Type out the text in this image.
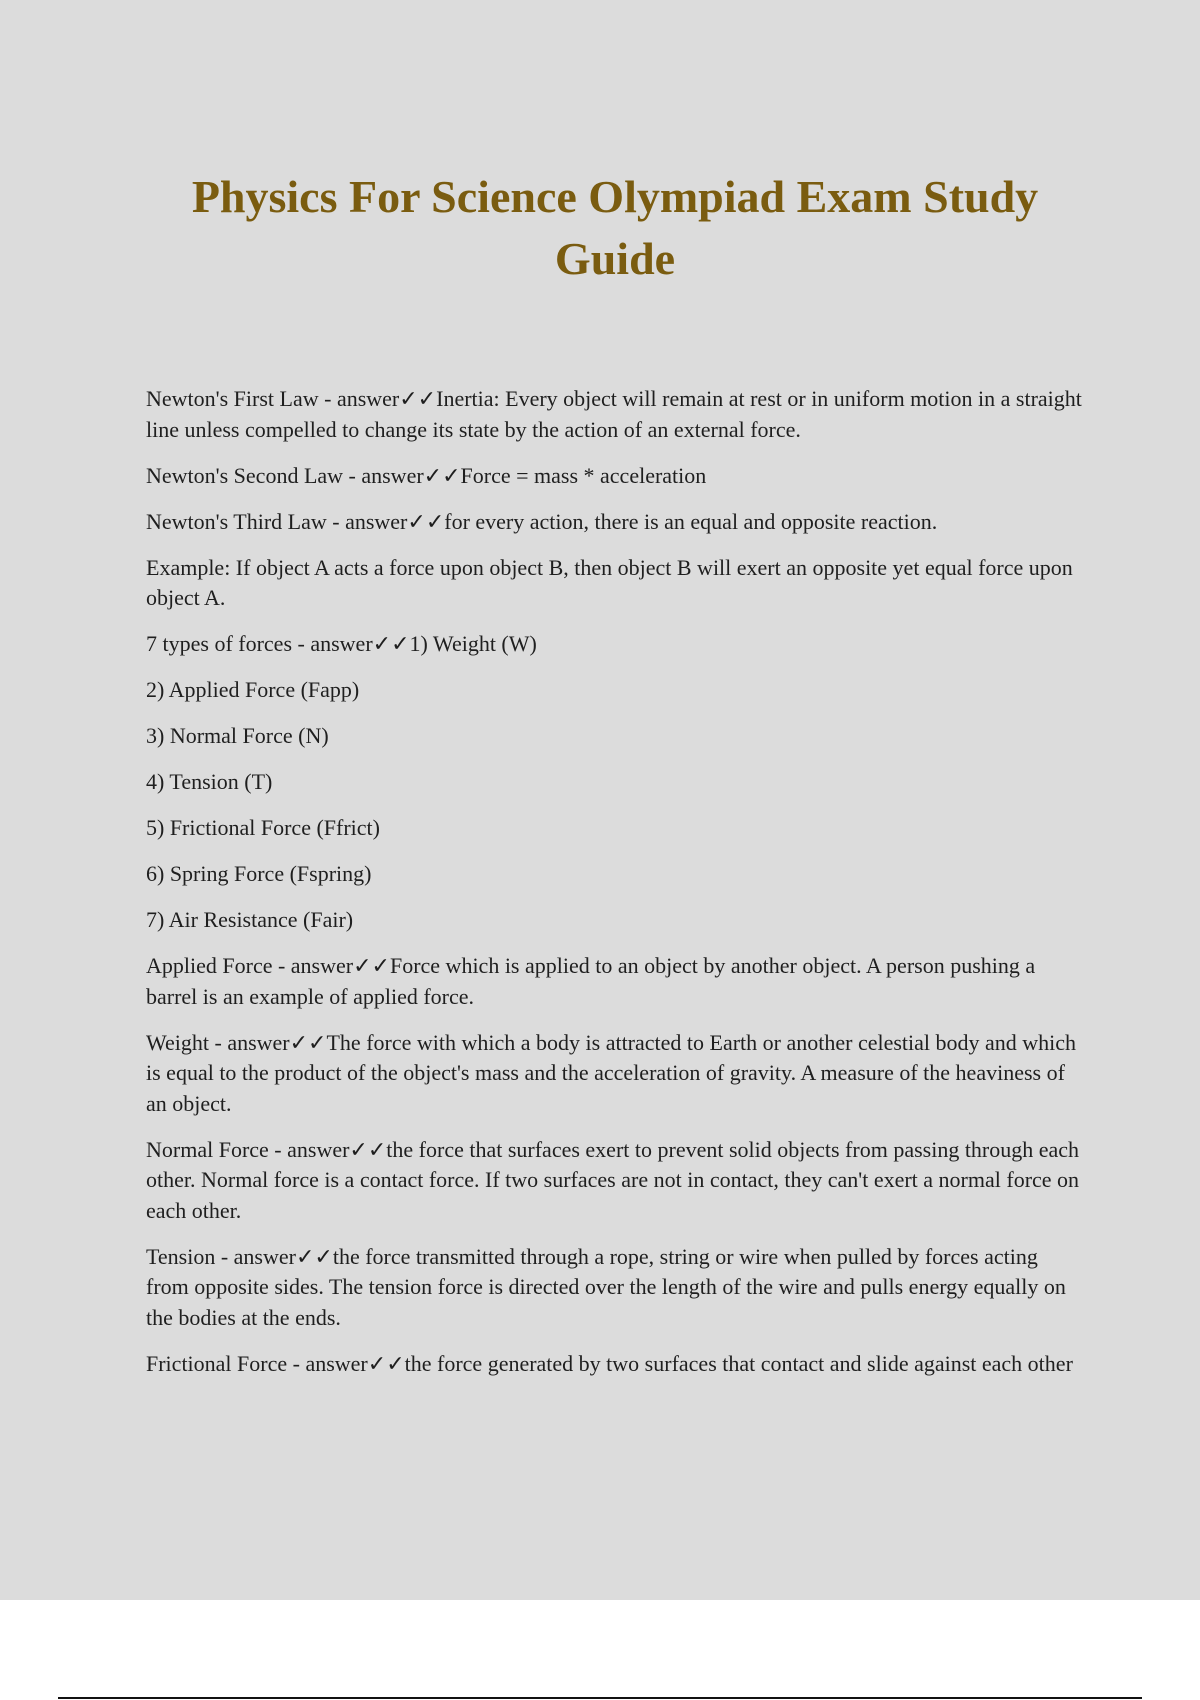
Physics For Science Olympiad Exam Study Guide

Newton's First Law - answer✓✓Inertia: Every object will remain at rest or in uniform motion in a straight line unless compelled to change its state by the action of an external force.

Newton's Second Law - answer✓✓Force = mass * acceleration

Newton's Third Law - answer✓✓for every action, there is an equal and opposite reaction.

Example: If object A acts a force upon object B, then object B will exert an opposite yet equal force upon object A.

7 types of forces - answer✓✓1) Weight (W)

2) Applied Force (Fapp)

3) Normal Force (N)

4) Tension (T)

5) Frictional Force (Ffrict)

6) Spring Force (Fspring)

7) Air Resistance (Fair)

Applied Force - answer✓✓Force which is applied to an object by another object. A person pushing a barrel is an example of applied force.

Weight - answer✓✓The force with which a body is attracted to Earth or another celestial body and which is equal to the product of the object's mass and the acceleration of gravity. A measure of the heaviness of an object.

Normal Force - answer✓✓the force that surfaces exert to prevent solid objects from passing through each other. Normal force is a contact force. If two surfaces are not in contact, they can't exert a normal force on each other.

Tension - answer✓✓the force transmitted through a rope, string or wire when pulled by forces acting from opposite sides. The tension force is directed over the length of the wire and pulls energy equally on the bodies at the ends.

Frictional Force - answer✓✓the force generated by two surfaces that contact and slide against each other
